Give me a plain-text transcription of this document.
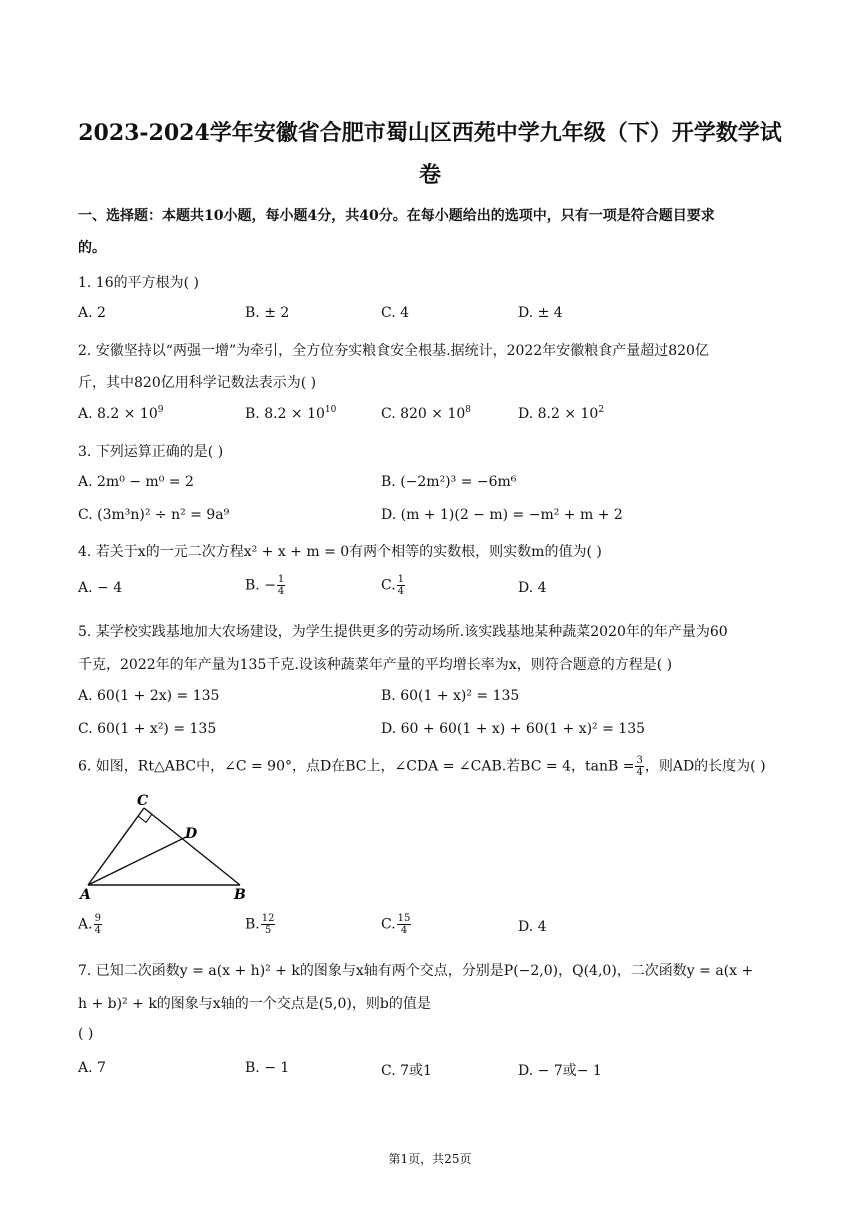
2023-2024学年安徽省合肥市蜀山区西苑中学九年级（下）开学数学试
卷
一、选择题：本题共10小题，每小题4分，共40分。在每小题给出的选项中，只有一项是符合题目要求
的。
1. 16的平方根为( )
A. 2	B. ± 2	C. 4	D. ± 4
2. 安徽坚持以“两强一增”为牵引，全方位夯实粮食安全根基.据统计，2022年安徽粮食产量超过820亿
斤，其中820亿用科学记数法表示为( )
A. $8.2 \times 10^9$	B. $8.2 \times 10^{10}$	C. $820 \times 10^8$	D. $8.2 \times 10^2$
3. 下列运算正确的是( )
A. 2m⁰ − m⁰ = 2	B. (−2m²)³ = −6m⁶
C. (3m³n)² ÷ n² = 9a⁹	D. (m + 1)(2 − m) = −m² + m + 2
4. 若关于x的一元二次方程x² + x + m = 0有两个相等的实数根，则实数m的值为( )
A. − 4	B. − $\frac{1}{4}$	C. $\frac{1}{4}$	D. 4
5. 某学校实践基地加大农场建设，为学生提供更多的劳动场所.该实践基地某种蔬菜2020年的年产量为60
千克，2022年的年产量为135千克.设该种蔬菜年产量的平均增长率为x，则符合题意的方程是( )
A. 60(1 + 2x) = 135	B. 60(1 + x)² = 135
C. 60(1 + x²) = 135	D. 60 + 60(1 + x) + 60(1 + x)² = 135
6. 如图，Rt△ABC中，∠C = 90°，点D在BC上，∠CDA = ∠CAB.若BC = 4，$\tan B = \frac{3}{4}$ ，则AD的长度为( )
C
D
A	B
A. $\frac{9}{4}$	B. $\frac{12}{5}$	C. $\frac{15}{4}$	D. 4
7. 已知二次函数y = a(x + h)² + k的图象与x轴有两个交点，分别是P(−2,0)，Q(4,0)，二次函数y = a(x +
h + b)² + k的图象与x轴的一个交点是(5,0)，则b的值是
( )
A. 7	B. − 1	C. 7或1	D. − 7或− 1
第1页，共25页
